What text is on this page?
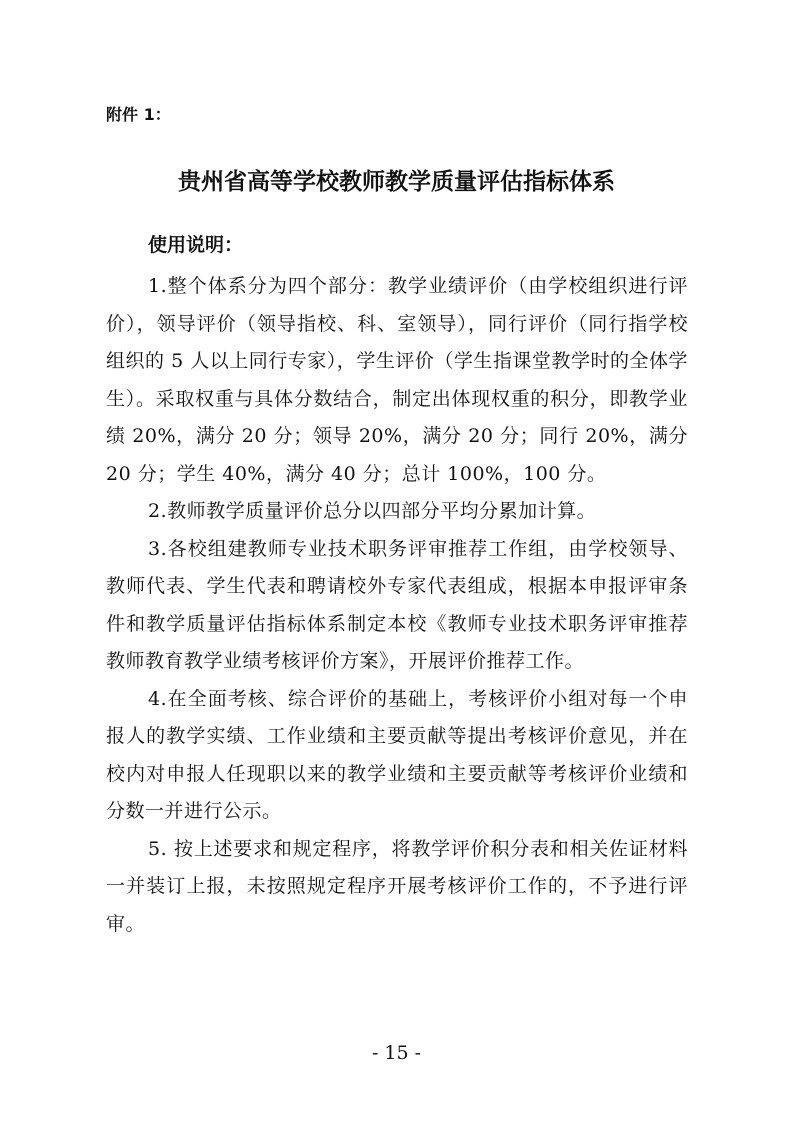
附件 1：
贵州省高等学校教师教学质量评估指标体系
使用说明：

1.整个体系分为四个部分：教学业绩评价（由学校组织进行评价），领导评价（领导指校、科、室领导），同行评价（同行指学校组织的 5 人以上同行专家），学生评价（学生指课堂教学时的全体学生）。采取权重与具体分数结合，制定出体现权重的积分，即教学业绩 20%，满分 20 分；领导 20%，满分 20 分；同行 20%，满分 20 分；学生 40%，满分 40 分；总计 100%，100 分。

2.教师教学质量评价总分以四部分平均分累加计算。

3.各校组建教师专业技术职务评审推荐工作组，由学校领导、教师代表、学生代表和聘请校外专家代表组成，根据本申报评审条件和教学质量评估指标体系制定本校《教师专业技术职务评审推荐教师教育教学业绩考核评价方案》，开展评价推荐工作。

4.在全面考核、综合评价的基础上，考核评价小组对每一个申报人的教学实绩、工作业绩和主要贡献等提出考核评价意见，并在校内对申报人任现职以来的教学业绩和主要贡献等考核评价业绩和分数一并进行公示。

5. 按上述要求和规定程序，将教学评价积分表和相关佐证材料一并装订上报，未按照规定程序开展考核评价工作的，不予进行评审。

- 15 -
